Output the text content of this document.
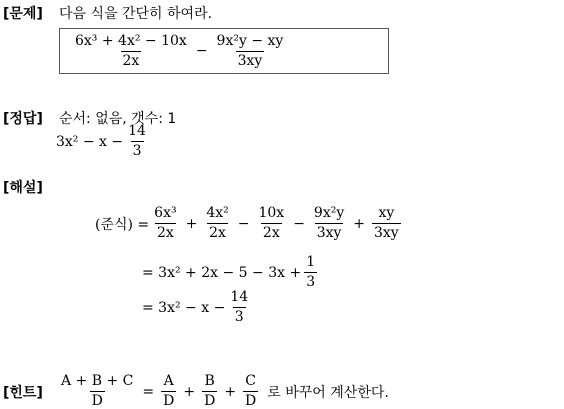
[문제] 다음 식을 간단히 하여라.
$\frac{\text{6x³ + 4x² − 10x}}{2x} - \frac{\text{9x²y − xy}}{3xy}$
[정답] 순서: 없음, 갯수: 1
$3x^2 - x - \frac{14}{3}$
[해설]
(준식) = $\frac{\text{6x³}}{2x} + \frac{\text{4x²}}{2x} - \frac{10x}{2x} - \frac{\text{9x²y}}{3xy} + \frac{xy}{3xy}$
= $3x^2 + 2x - 5 - 3x + \frac{1}{3}$
= $3x^2 - x - \frac{14}{3}$
[힌트] $\frac{A + B + C}{D} = \frac{A}{D} + \frac{B}{D} + \frac{C}{D}$ 로 바꾸어 계산한다.
